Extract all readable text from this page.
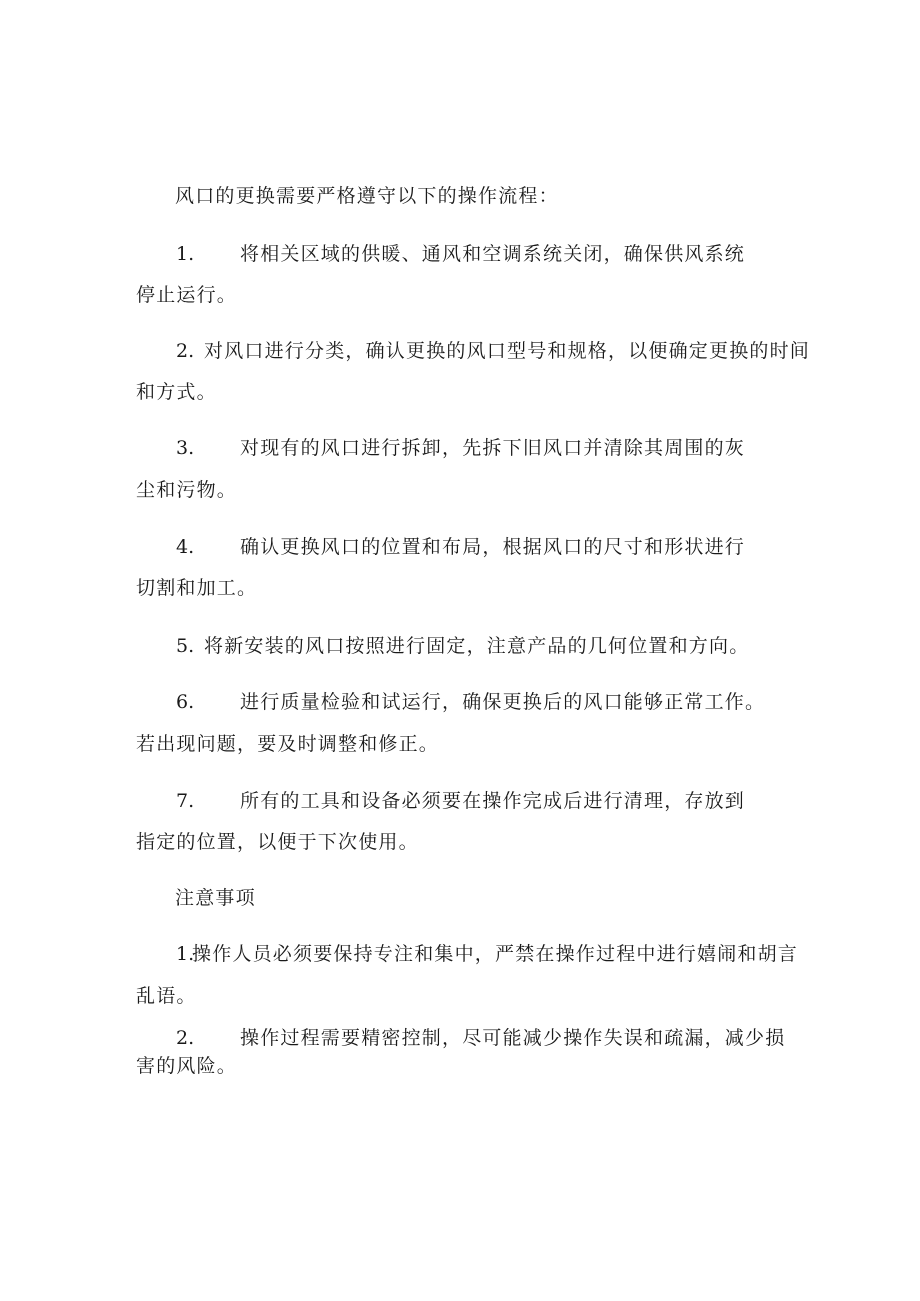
风口的更换需要严格遵守以下的操作流程：
1. 将相关区域的供暖、通风和空调系统关闭，确保供风系统
停止运行。
2. 对风口进行分类，确认更换的风口型号和规格，以便确定更换的时间
和方式。
3. 对现有的风口进行拆卸，先拆下旧风口并清除其周围的灰
尘和污物。
4. 确认更换风口的位置和布局，根据风口的尺寸和形状进行
切割和加工。
5. 将新安装的风口按照进行固定，注意产品的几何位置和方向。
6. 进行质量检验和试运行，确保更换后的风口能够正常工作。
若出现问题，要及时调整和修正。
7. 所有的工具和设备必须要在操作完成后进行清理，存放到
指定的位置，以便于下次使用。
注意事项
1.
操作人员必须要保持专注和集中，严禁在操作过程中进行嬉闹和胡言
乱语。
2. 操作过程需要精密控制，尽可能减少操作失误和疏漏，减少损
害的风险。
